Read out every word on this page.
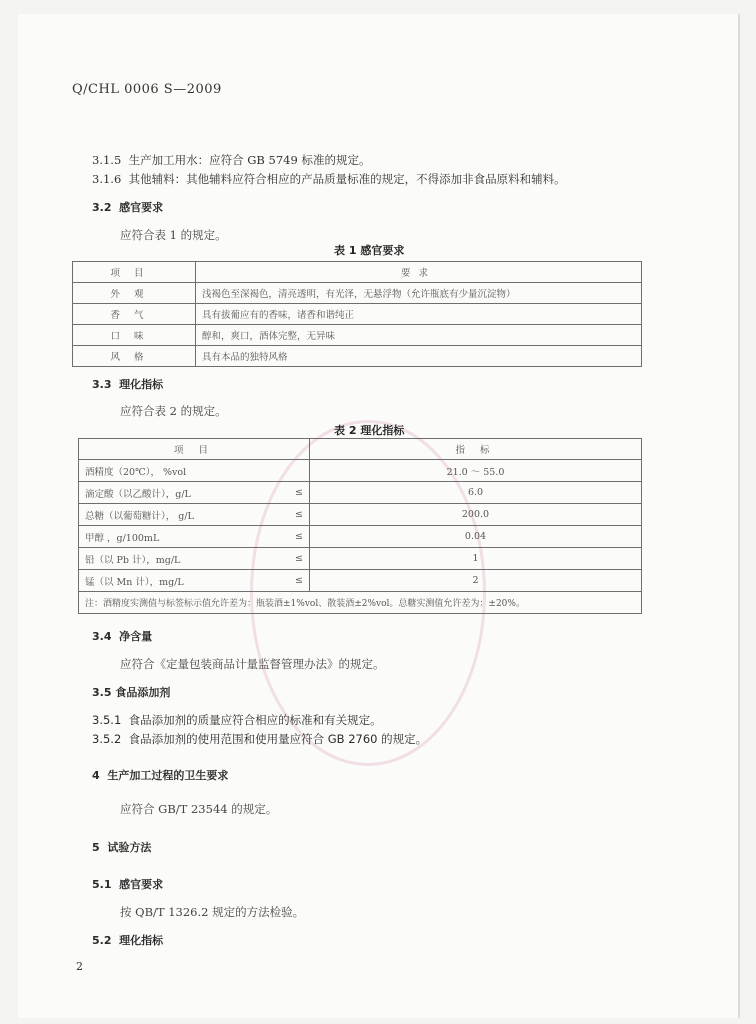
Q/CHL 0006 S—2009
3.1.5 生产加工用水：应符合 GB 5749 标准的规定。
3.1.6 其他辅料：其他辅料应符合相应的产品质量标准的规定，不得添加非食品原料和辅料。
3.2 感官要求
应符合表 1 的规定。
表 1 感官要求
项目	要求
外观	浅褐色至深褐色，清亮透明，有光泽，无悬浮物（允许瓶底有少量沉淀物）
香气	具有拔葡应有的香味，诸香和谐纯正
口味	醇和，爽口，酒体完整，无异味
风格	具有本品的独特风格
3.3 理化指标
应符合表 2 的规定。
表 2 理化指标
项 目		指 标
酒精度（20℃）， %vol		21.0 ～ 55.0
滴定酸（以乙酸计），g/L	≤	6.0
总糖（以葡萄糖计）， g/L	≤	200.0
甲醇 ，g/100mL	≤	0.04
铅（以 Pb 计），mg/L	≤	1
锰（以 Mn 计），mg/L	≤	2
注：酒精度实测值与标签标示值允许差为：瓶装酒±1%vol、散装酒±2%vol。总糖实测值允许差为：±20%。		
3.4 净含量
应符合《定量包装商品计量监督管理办法》的规定。
3.5 食品添加剂
3.5.1 食品添加剂的质量应符合相应的标准和有关规定。
3.5.2 食品添加剂的使用范围和使用量应符合 GB 2760 的规定。
4 生产加工过程的卫生要求
应符合 GB/T 23544 的规定。
5 试验方法
5.1 感官要求
按 QB/T 1326.2 规定的方法检验。
5.2 理化指标
2
